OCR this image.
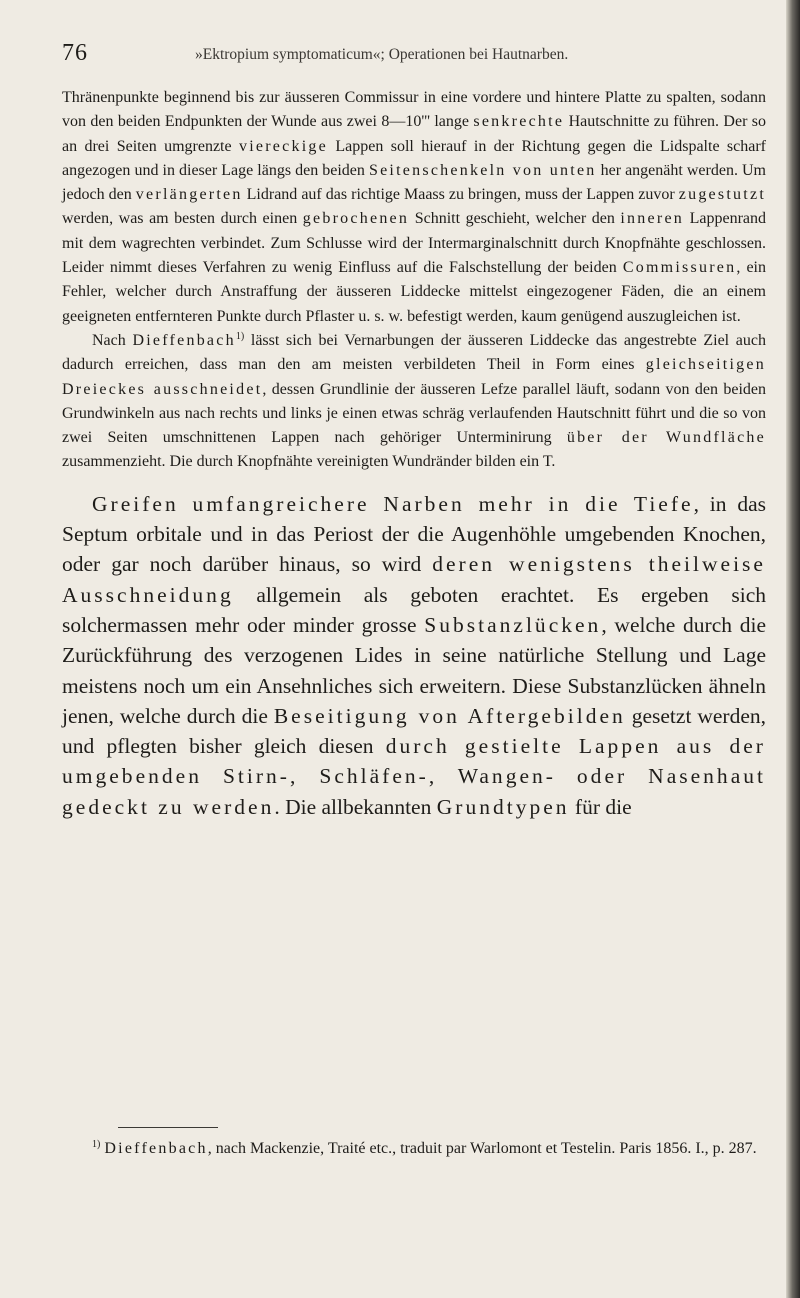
76	»Ektropium symptomaticum«; Operationen bei Hautnarben.

Thränenpunkte beginnend bis zur äusseren Commissur in eine vordere und hintere Platte zu spalten, sodann von den beiden Endpunkten der Wunde aus zwei 8—10''' lange senkrechte Hautschnitte zu führen. Der so an drei Seiten umgrenzte viereckige Lappen soll hierauf in der Richtung gegen die Lidspalte scharf angezogen und in dieser Lage längs den beiden Seitenschenkeln von unten her angenäht werden. Um jedoch den verlängerten Lidrand auf das richtige Maass zu bringen, muss der Lappen zuvor zugestutzt werden, was am besten durch einen gebrochenen Schnitt geschieht, welcher den inneren Lappenrand mit dem wagrechten verbindet. Zum Schlusse wird der Intermarginalschnitt durch Knopfnähte geschlossen. Leider nimmt dieses Verfahren zu wenig Einfluss auf die Falschstellung der beiden Commissuren, ein Fehler, welcher durch Anstraffung der äusseren Liddecke mittelst eingezogener Fäden, die an einem geeigneten entfernteren Punkte durch Pflaster u. s. w. befestigt werden, kaum genügend auszugleichen ist.

Nach Dieffenbach$^{1)}$ lässt sich bei Vernarbungen der äusseren Liddecke das angestrebte Ziel auch dadurch erreichen, dass man den am meisten verbildeten Theil in Form eines gleichseitigen Dreieckes ausschneidet, dessen Grundlinie der äusseren Lefze parallel läuft, sodann von den beiden Grundwinkeln aus nach rechts und links je einen etwas schräg verlaufenden Hautschnitt führt und die so von zwei Seiten umschnittenen Lappen nach gehöriger Unterminirung über der Wundfläche zusammenzieht. Die durch Knopfnähte vereinigten Wundränder bilden ein T.

Greifen umfangreichere Narben mehr in die Tiefe, in das Septum orbitale und in das Periost der die Augenhöhle umgebenden Knochen, oder gar noch darüber hinaus, so wird deren wenigstens theilweise Ausschneidung allgemein als geboten erachtet. Es ergeben sich solchermassen mehr oder minder grosse Substanzlücken, welche durch die Zurückführung des verzogenen Lides in seine natürliche Stellung und Lage meistens noch um ein Ansehnliches sich erweitern. Diese Substanzlücken ähneln jenen, welche durch die Beseitigung von Aftergebilden gesetzt werden, und pflegten bisher gleich diesen durch gestielte Lappen aus der umgebenden Stirn-, Schläfen-, Wangen- oder Nasenhaut gedeckt zu werden. Die allbekannten Grundtypen für die

$^{1)}$ Dieffenbach, nach Mackenzie, Traité etc., traduit par Warlomont et Testelin. Paris 1856. I., p. 287.
